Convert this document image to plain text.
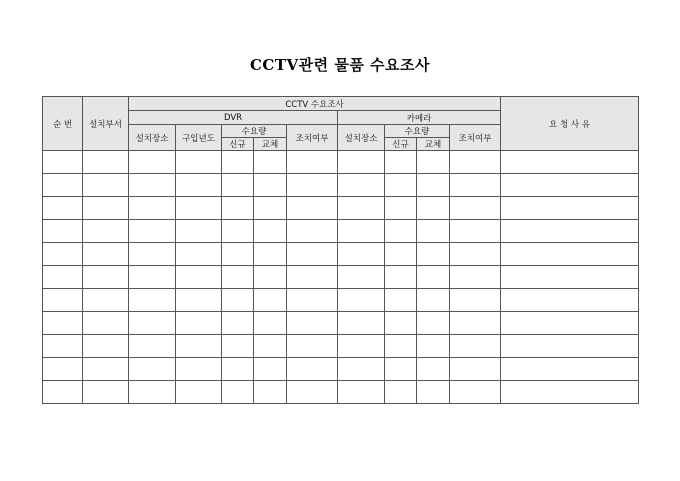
CCTV관련 물품 수요조사
순 번	설치부서	CCTV 수요조사									요 청 사 유
		DVR					카메라				
		설치장소	구입년도	수요량		조치여부	설치장소	수요량		조치여부	
				신규	교체			신규	교체		
